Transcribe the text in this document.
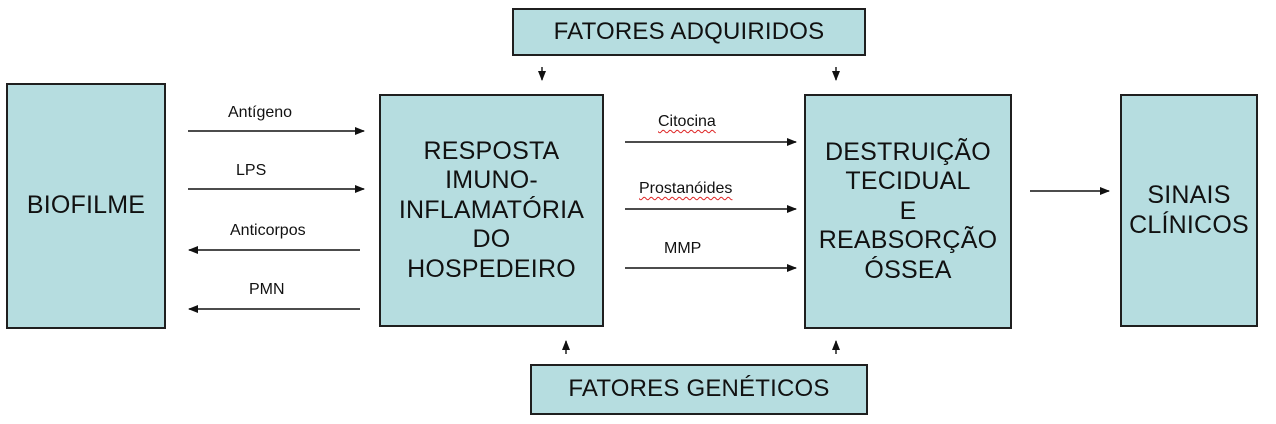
FATORES ADQUIRIDOS
BIOFILME
RESPOSTA
IMUNO-
INFLAMATÓRIA
DO
HOSPEDEIRO
DESTRUIÇÃO
TECIDUAL
E
REABSORÇÃO
ÓSSEA
SINAIS
CLÍNICOS
FATORES GENÉTICOS
Antígeno
LPS
Anticorpos
PMN
Citocina
Prostanóides
MMP
